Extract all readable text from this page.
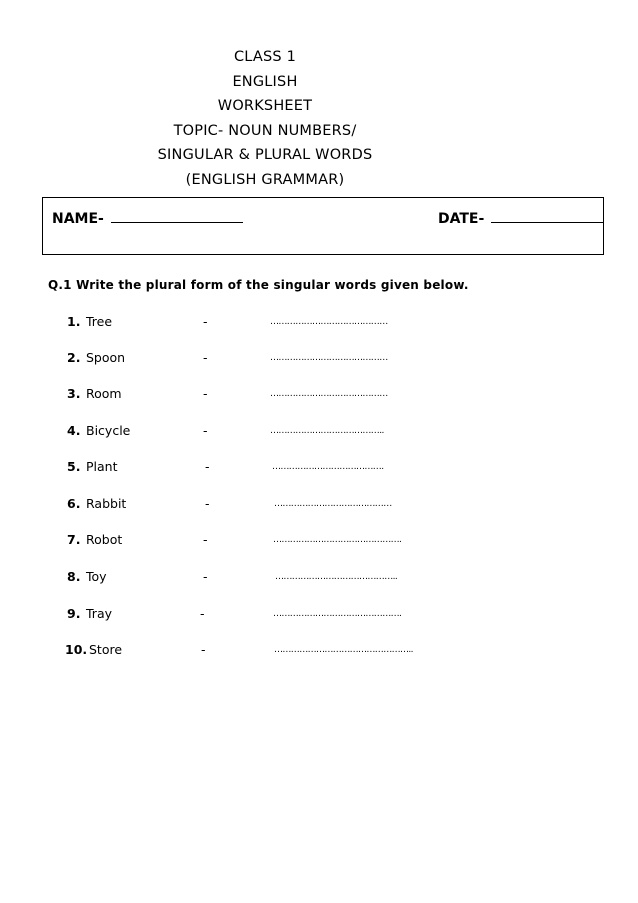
CLASS 1
ENGLISH
WORKSHEET
TOPIC- NOUN NUMBERS/
SINGULAR & PLURAL WORDS
(ENGLISH GRAMMAR)
NAME-	DATE-
Q.1 Write the plural form of the singular words given below.
1. Tree	-	……………………………………
2. Spoon	-	……………………………………
3. Room	-	……………………………………
4. Bicycle	-	…………………………………..
5. Plant	-	………………………………….
6. Rabbit	-	……………………………………
7. Robot	-	……………………………………….
8. Toy	-	……………………………………..
9. Tray	-	……………………………………….
10. Store	-	…………………………………………..
